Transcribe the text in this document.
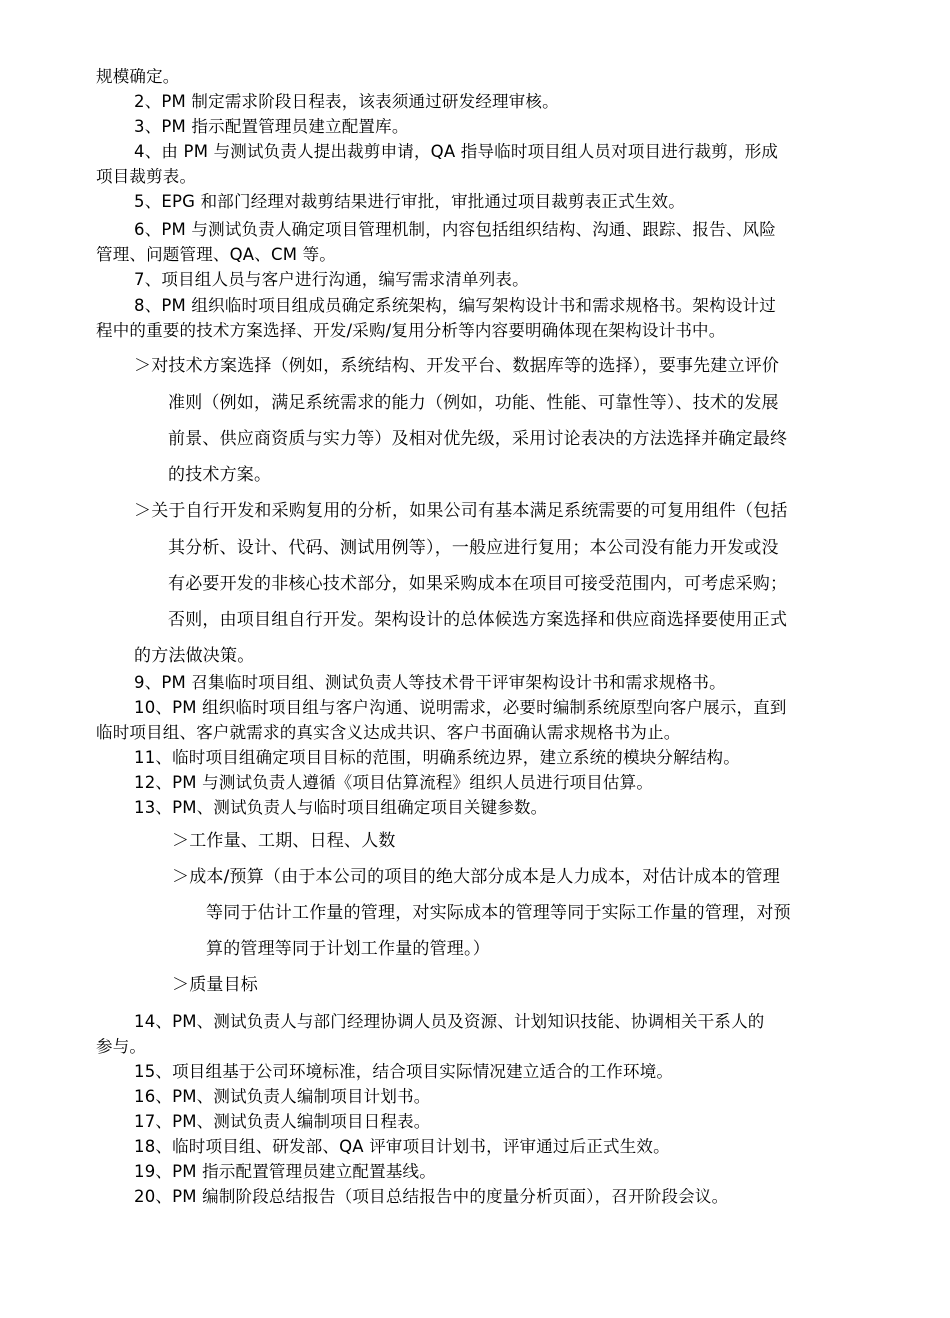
规模确定。
2、PM 制定需求阶段日程表，该表须通过研发经理审核。
3、PM 指示配置管理员建立配置库。
4、由 PM 与测试负责人提出裁剪申请，QA 指导临时项目组人员对项目进行裁剪，形成
项目裁剪表。
5、EPG 和部门经理对裁剪结果进行审批，审批通过项目裁剪表正式生效。
6、PM 与测试负责人确定项目管理机制，内容包括组织结构、沟通、跟踪、报告、风险
管理、问题管理、QA、CM 等。
7、项目组人员与客户进行沟通，编写需求清单列表。
8、PM 组织临时项目组成员确定系统架构，编写架构设计书和需求规格书。架构设计过
程中的重要的技术方案选择、开发/采购/复用分析等内容要明确体现在架构设计书中。
＞对技术方案选择（例如，系统结构、开发平台、数据库等的选择），要事先建立评价
准则（例如，满足系统需求的能力（例如，功能、性能、可靠性等）、技术的发展
前景、供应商资质与实力等）及相对优先级，采用讨论表决的方法选择并确定最终
的技术方案。
＞关于自行开发和采购复用的分析，如果公司有基本满足系统需要的可复用组件（包括
其分析、设计、代码、测试用例等），一般应进行复用；本公司没有能力开发或没
有必要开发的非核心技术部分，如果采购成本在项目可接受范围内，可考虑采购；
否则，由项目组自行开发。架构设计的总体候选方案选择和供应商选择要使用正式
的方法做决策。
9、PM 召集临时项目组、测试负责人等技术骨干评审架构设计书和需求规格书。
10、PM 组织临时项目组与客户沟通、说明需求，必要时编制系统原型向客户展示，直到
临时项目组、客户就需求的真实含义达成共识、客户书面确认需求规格书为止。
11、临时项目组确定项目目标的范围，明确系统边界，建立系统的模块分解结构。
12、PM 与测试负责人遵循《项目估算流程》组织人员进行项目估算。
13、PM、测试负责人与临时项目组确定项目关键参数。
＞工作量、工期、日程、人数
＞成本/预算（由于本公司的项目的绝大部分成本是人力成本，对估计成本的管理
等同于估计工作量的管理，对实际成本的管理等同于实际工作量的管理，对预
算的管理等同于计划工作量的管理。）
＞质量目标
14、PM、测试负责人与部门经理协调人员及资源、计划知识技能、协调相关干系人的
参与。
15、项目组基于公司环境标准，结合项目实际情况建立适合的工作环境。
16、PM、测试负责人编制项目计划书。
17、PM、测试负责人编制项目日程表。
18、临时项目组、研发部、QA 评审项目计划书，评审通过后正式生效。
19、PM 指示配置管理员建立配置基线。
20、PM 编制阶段总结报告（项目总结报告中的度量分析页面），召开阶段会议。
